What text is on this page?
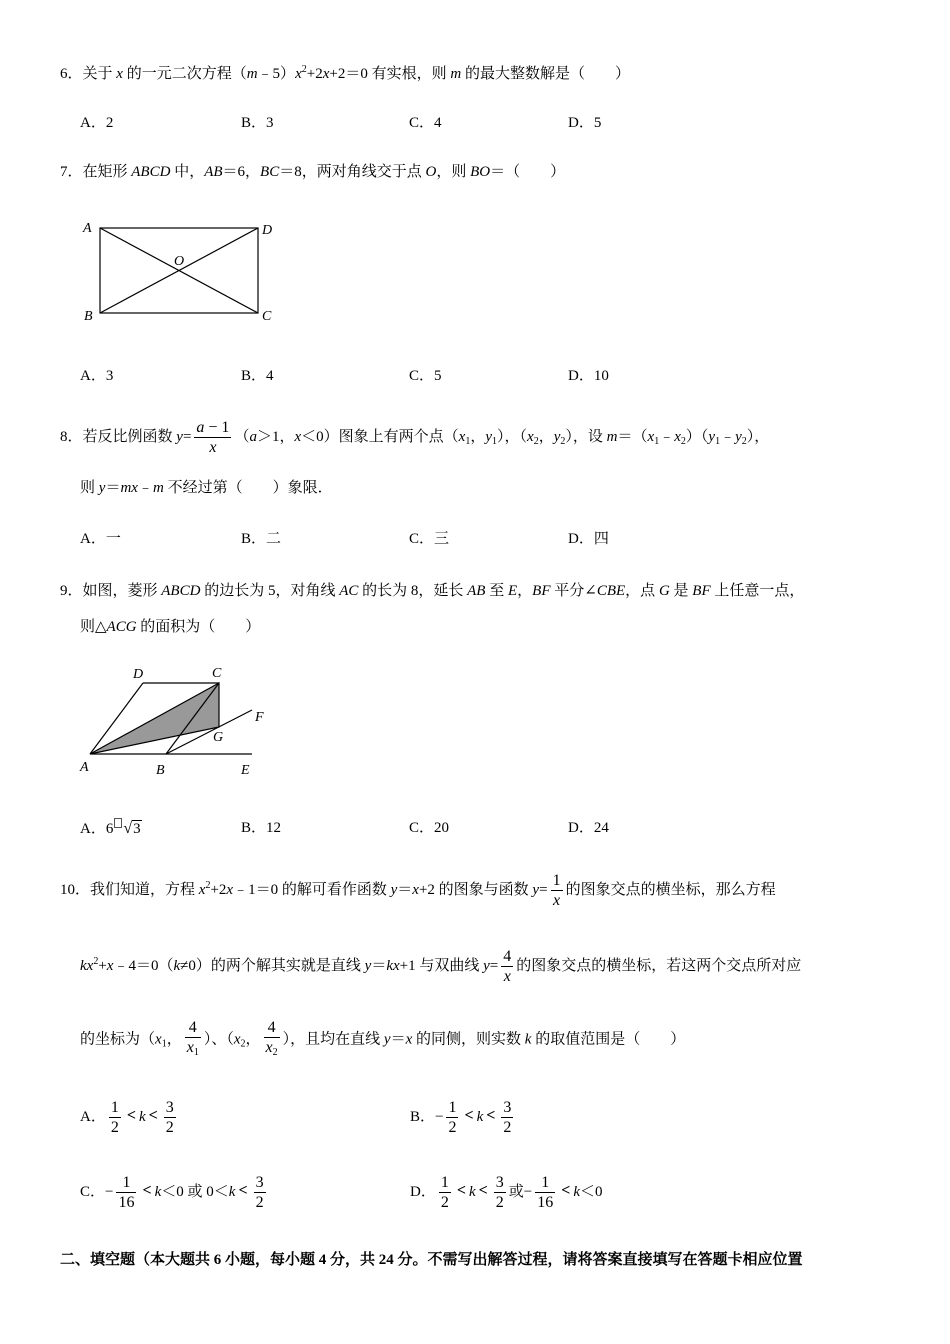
6．关于 x 的一元二次方程$(m﹣5)x^2+2x+2=0$ 有实根，则 m 的最大整数解是（　　）
A．2	B．3	C．4	D．5
7．在矩形 ABCD 中，AB＝6，BC＝8，两对角线交于点 O，则 BO＝（　　）
A	D
O
B	C
A．3	B．4	C．5	D．10
8．若反比例函数 $y= \frac{a - 1}{x} (a>1$，x＜0）图象上有两个点（$x_1$，$y_1$），（$x_2$，$y_2$），设 $m=(x_1﹣x_2)(y_1﹣y_2)$，
则 y＝mx﹣m 不经过第（　　）象限．
A．一	B．二	C．三	D．四
9．如图，菱形 ABCD 的边长为 5，对角线 AC 的长为 8，延长 AB 至 E，BF 平分∠CBE，点 G 是 BF 上任意一点，
则△ACG 的面积为（　　）
D	C
F
G
A	B	E
A．6 √3	B．12	C．20	D．24
10．我们知道，方程 $x^2+2x﹣1=0$ 的解可看作函数 y＝x+2 的图象与函数 $y= \frac{1}{x}$ 的图象交点的横坐标，那么方程
$kx^2+x﹣4=0(k\ne 0)$的两个解其实就是直线 y＝kx+1 与双曲线 $y= \frac{4}{x}$ 的图象交点的横坐标，若这两个交点所对应
的坐标为（$x_1$， $\frac{4}{x_1}$ ）、（$x_2$， $\frac{4}{x_2}$ ），且均在直线 y＝x 的同侧，则实数 k 的取值范围是（　　）
A． $\frac{1}{2} < k < \frac{3}{2}$	B．− $\frac{1}{2} < k < \frac{3}{2}$
C．− $\frac{1}{16} < k<0$ 或 $0<k < \frac{3}{2}$	D． $\frac{1}{2} < k < \frac{3}{2}$ 或− $\frac{1}{16} < k<0$
二、填空题（本大题共 6 小题，每小题 4 分，共 24 分。不需写出解答过程，请将答案直接填写在答题卡相应位置
